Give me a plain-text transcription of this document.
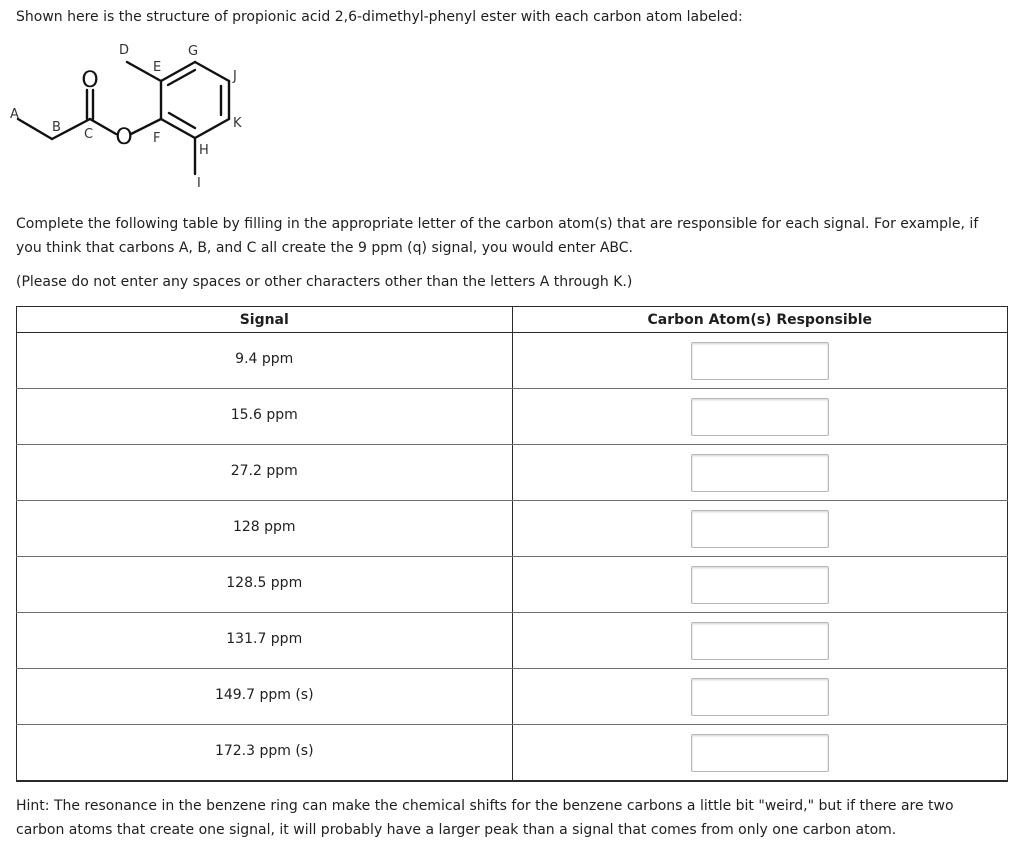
Shown here is the structure of propionic acid 2,6-dimethyl-phenyl ester with each carbon atom labeled:
O
O
A
B C
D
E
F
G
H
I
J
K
Complete the following table by filling in the appropriate letter of the carbon atom(s) that are responsible for each signal. For example, if you think that carbons A, B, and C all create the 9 ppm (q) signal, you would enter ABC.
(Please do not enter any spaces or other characters other than the letters A through K.)
Signal	Carbon Atom(s) Responsible

9.4 ppm

15.6 ppm

27.2 ppm

128 ppm

128.5 ppm

131.7 ppm

149.7 ppm (s)

172.3 ppm (s)

Hint: The resonance in the benzene ring can make the chemical shifts for the benzene carbons a little bit "weird," but if there are two carbon atoms that create one signal, it will probably have a larger peak than a signal that comes from only one carbon atom.
